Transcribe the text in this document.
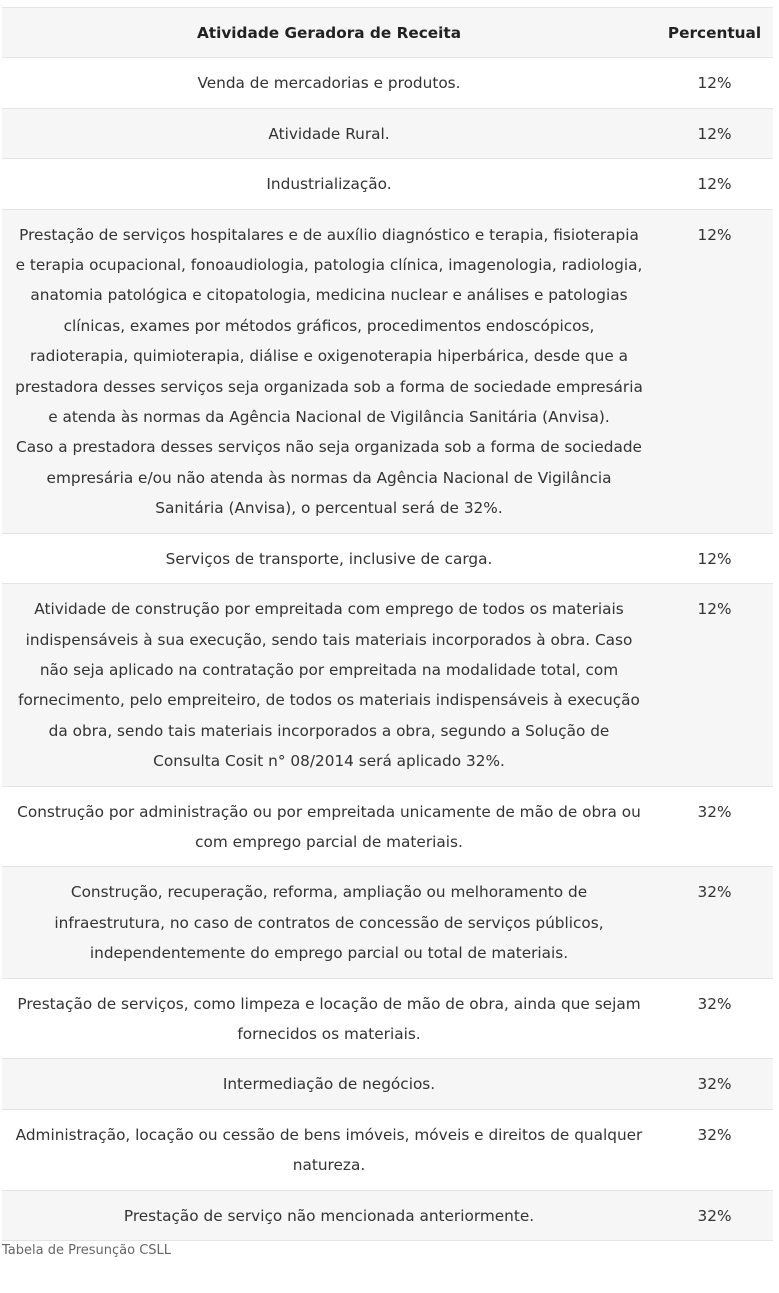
Atividade Geradora de Receita	Percentual

Venda de mercadorias e produtos.	12%

Atividade Rural.	12%

Industrialização.	12%

Prestação de serviços hospitalares e de auxílio diagnóstico e terapia, fisioterapia e terapia ocupacional, fonoaudiologia, patologia clínica, imagenologia, radiologia, anatomia patológica e citopatologia, medicina nuclear e análises e patologias clínicas, exames por métodos gráficos, procedimentos endoscópicos, radioterapia, quimioterapia, diálise e oxigenoterapia hiperbárica, desde que a prestadora desses serviços seja organizada sob a forma de sociedade empresária e atenda às normas da Agência Nacional de Vigilância Sanitária (Anvisa).
Caso a prestadora desses serviços não seja organizada sob a forma de sociedade empresária e/ou não atenda às normas da Agência Nacional de Vigilância Sanitária (Anvisa), o percentual será de 32%.	12%

Serviços de transporte, inclusive de carga.	12%

Atividade de construção por empreitada com emprego de todos os materiais indispensáveis à sua execução, sendo tais materiais incorporados à obra. Caso não seja aplicado na contratação por empreitada na modalidade total, com fornecimento, pelo empreiteiro, de todos os materiais indispensáveis à execução da obra, sendo tais materiais incorporados a obra, segundo a Solução de Consulta Cosit n° 08/2014 será aplicado 32%.	12%

Construção por administração ou por empreitada unicamente de mão de obra ou com emprego parcial de materiais.	32%

Construção, recuperação, reforma, ampliação ou melhoramento de infraestrutura, no caso de contratos de concessão de serviços públicos, independentemente do emprego parcial ou total de materiais.	32%

Prestação de serviços, como limpeza e locação de mão de obra, ainda que sejam fornecidos os materiais.	32%

Intermediação de negócios.	32%

Administração, locação ou cessão de bens imóveis, móveis e direitos de qualquer natureza.	32%

Prestação de serviço não mencionada anteriormente.	32%
Tabela de Presunção CSLL
